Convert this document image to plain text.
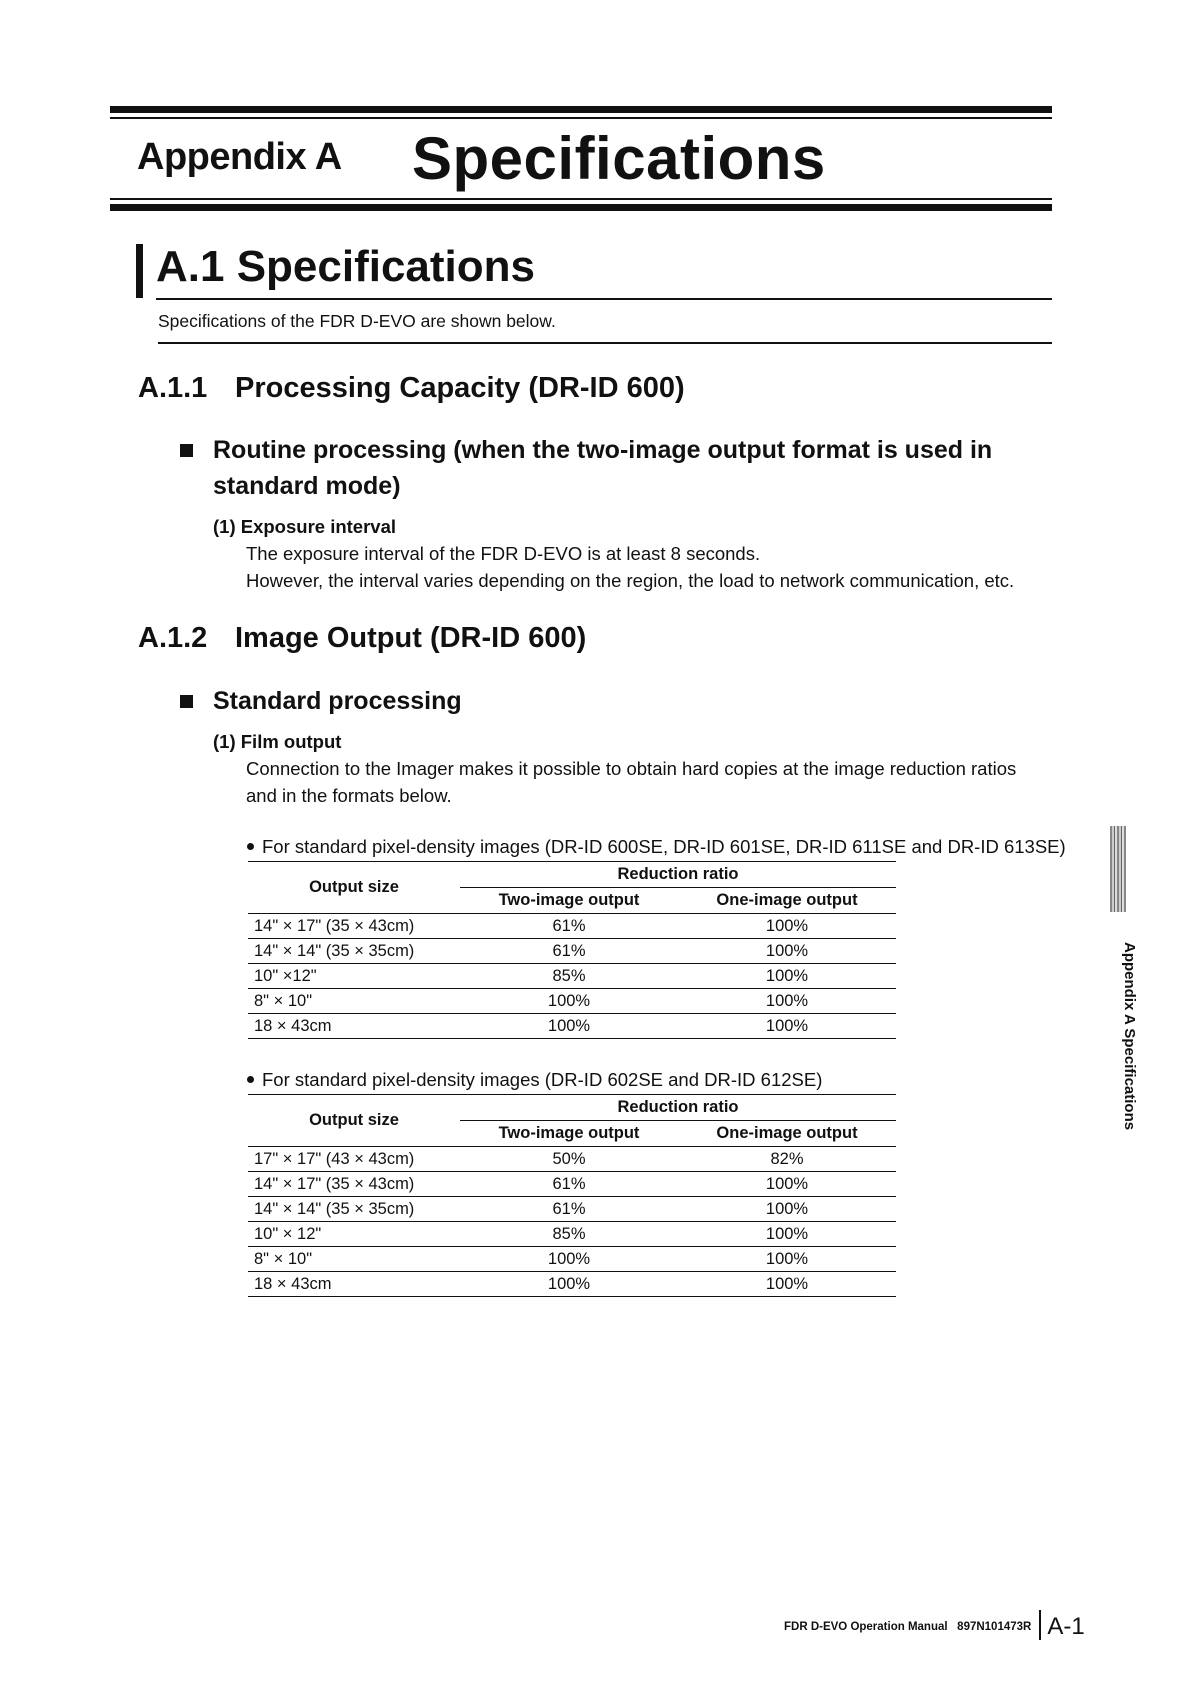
Appendix A Specifications
A.1 Specifications
Specifications of the FDR D-EVO are shown below.
A.1.1 Processing Capacity (DR-ID 600)
Routine processing (when the two-image output format is used in
standard mode)
(1) Exposure interval
The exposure interval of the FDR D-EVO is at least 8 seconds.
However, the interval varies depending on the region, the load to network communication, etc.
A.1.2 Image Output (DR-ID 600)
Standard processing
(1) Film output
Connection to the Imager makes it possible to obtain hard copies at the image reduction ratios
and in the formats below.
For standard pixel-density images (DR-ID 600SE, DR-ID 601SE, DR-ID 611SE and DR-ID 613SE)
Output size	Reduction ratio	
	Two-image output	One-image output
14" × 17" (35 × 43cm)	61%	100%
14" × 14" (35 × 35cm)	61%	100%
10" ×12"	85%	100%
8" × 10"	100%	100%
18 × 43cm	100%	100%
For standard pixel-density images (DR-ID 602SE and DR-ID 612SE)
Output size	Reduction ratio	
	Two-image output	One-image output
17" × 17" (43 × 43cm)	50%	82%
14" × 17" (35 × 43cm)	61%	100%
14" × 14" (35 × 35cm)	61%	100%
10" × 12"	85%	100%
8" × 10"	100%	100%
18 × 43cm	100%	100%
Appendix A Specifications
FDR D-EVO Operation Manual 897N101473R A-1
